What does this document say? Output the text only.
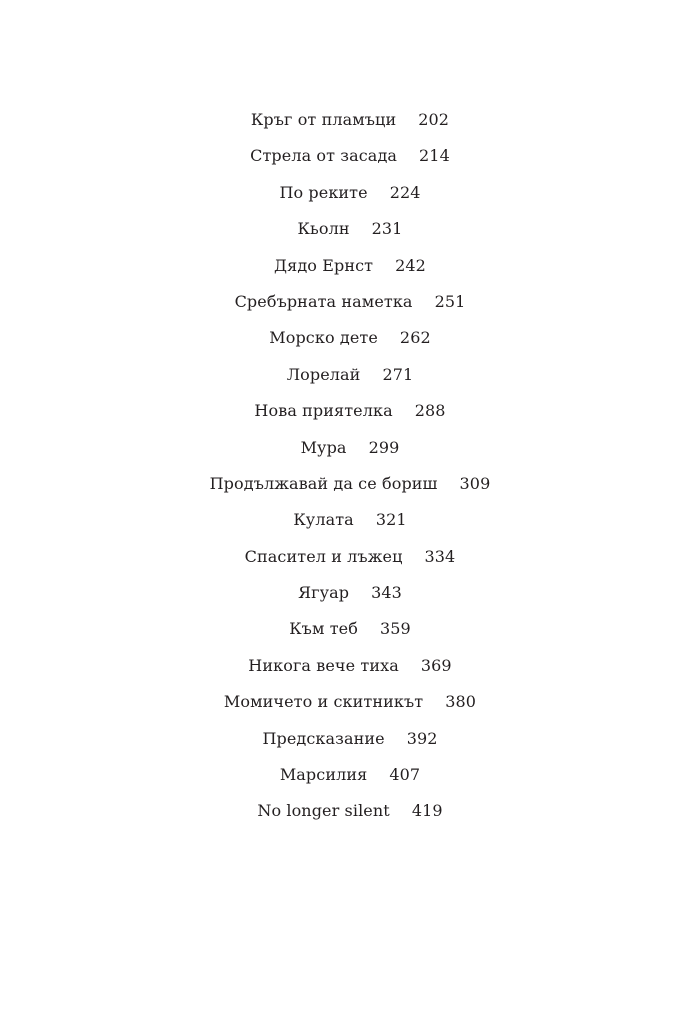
Кръг от пламъци 202
Стрела от засада 214
По реките 224
Кьолн 231
Дядо Ернст 242
Сребърната наметка 251
Морско дете 262
Лорелай 271
Нова приятелка 288
Мура 299
Продължавай да се бориш 309
Кулата 321
Спасител и лъжец 334
Ягуар 343
Към теб 359
Никога вече тиха 369
Момичето и скитникът 380
Предсказание 392
Марсилия 407
No longer silent 419
